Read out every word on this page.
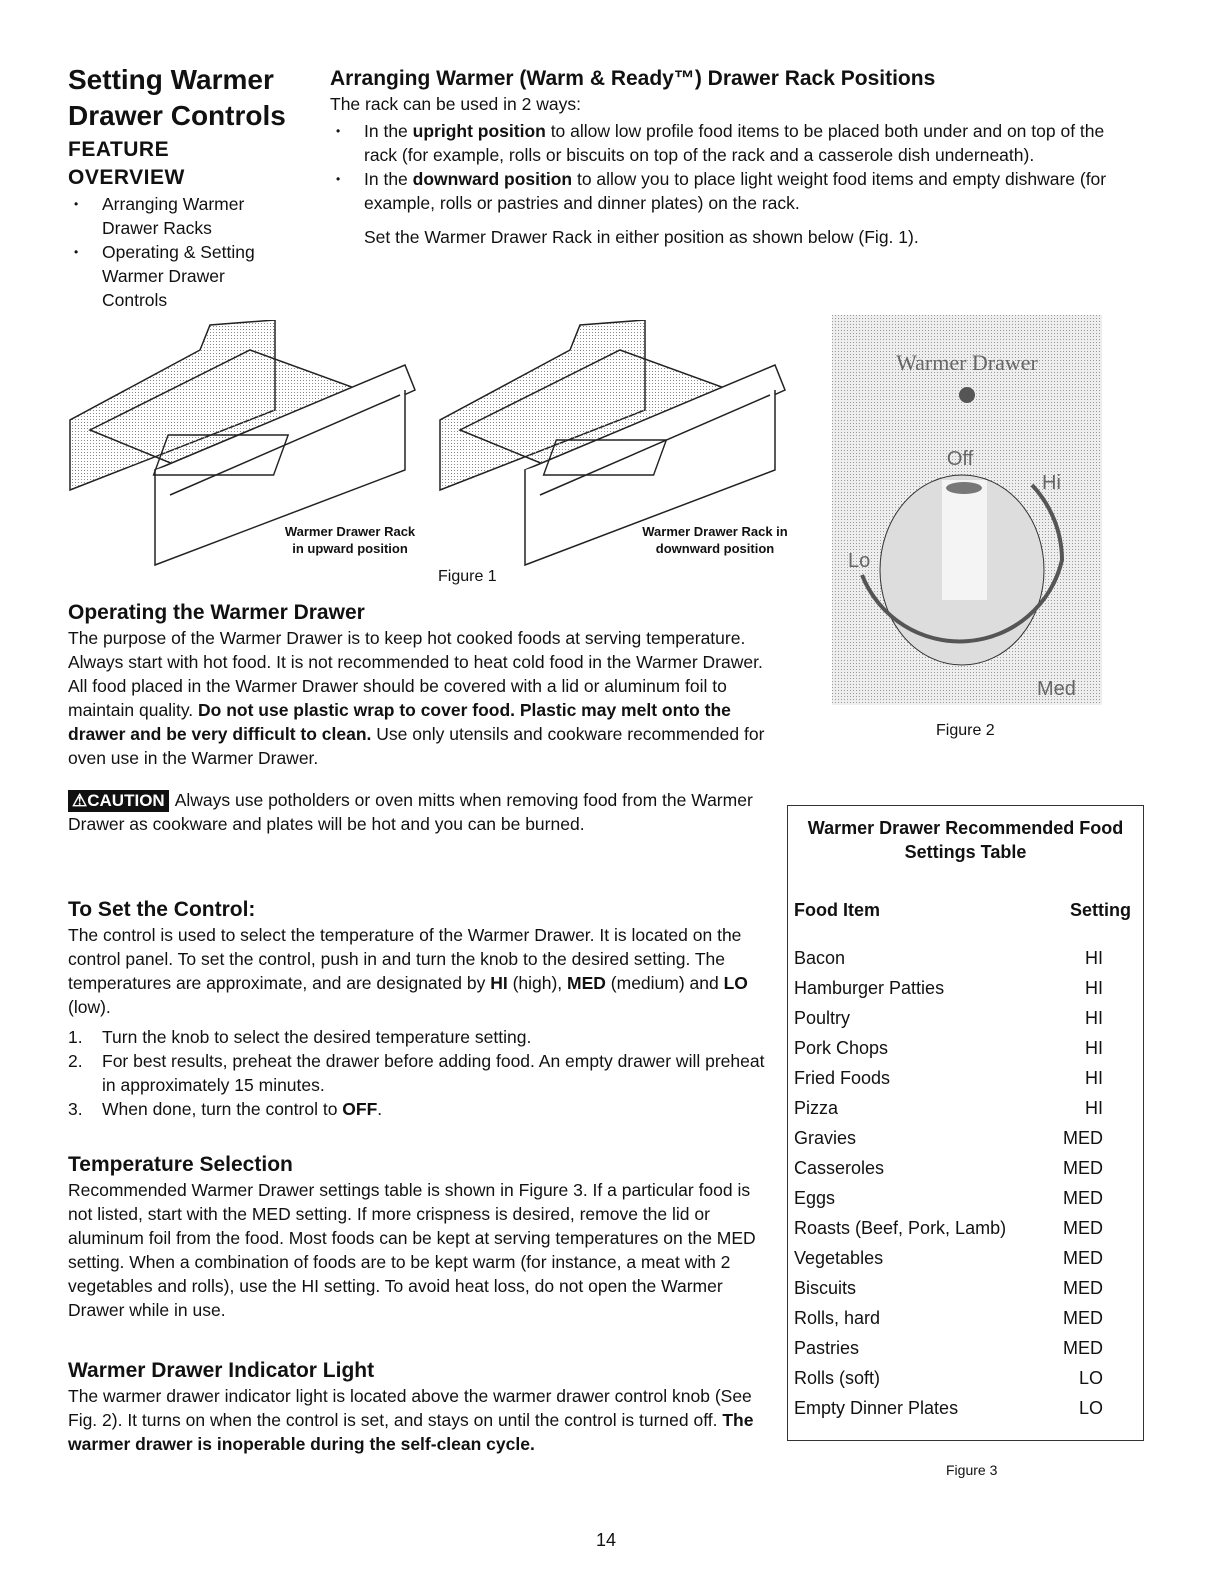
Setting Warmer
Drawer Controls
FEATURE
OVERVIEW
• Arranging Warmer Drawer Racks
• Operating & Setting Warmer Drawer Controls
Arranging Warmer (Warm & Ready™) Drawer Rack Positions
The rack can be used in 2 ways:
• In the upright position to allow low profile food items to be placed both under and on top of the rack (for example, rolls or biscuits on top of the rack and a casserole dish underneath).
• In the downward position to allow you to place light weight food items and empty dishware (for example, rolls or pastries and dinner plates) on the rack.
Set the Warmer Drawer Rack in either position as shown below (Fig. 1).
Warmer Drawer Rack in upward position
Warmer Drawer Rack in downward position
Figure 1
Warmer Drawer
Off
Hi
Lo
Med
Figure 2
Operating the Warmer Drawer
The purpose of the Warmer Drawer is to keep hot cooked foods at serving temperature. Always start with hot food. It is not recommended to heat cold food in the Warmer Drawer. All food placed in the Warmer Drawer should be covered with a lid or aluminum foil to maintain quality. Do not use plastic wrap to cover food. Plastic may melt onto the drawer and be very difficult to clean. Use only utensils and cookware recommended for oven use in the Warmer Drawer.
⚠CAUTION Always use potholders or oven mitts when removing food from the Warmer Drawer as cookware and plates will be hot and you can be burned.
To Set the Control:
The control is used to select the temperature of the Warmer Drawer. It is located on the control panel. To set the control, push in and turn the knob to the desired setting. The temperatures are approximate, and are designated by HI (high), MED (medium) and LO (low).
1. Turn the knob to select the desired temperature setting.
2. For best results, preheat the drawer before adding food. An empty drawer will preheat in approximately 15 minutes.
3. When done, turn the control to OFF.
Temperature Selection
Recommended Warmer Drawer settings table is shown in Figure 3. If a particular food is not listed, start with the MED setting. If more crispness is desired, remove the lid or aluminum foil from the food. Most foods can be kept at serving temperatures on the MED setting. When a combination of foods are to be kept warm (for instance, a meat with 2 vegetables and rolls), use the HI setting. To avoid heat loss, do not open the Warmer Drawer while in use.
Warmer Drawer Indicator Light
The warmer drawer indicator light is located above the warmer drawer control knob (See Fig. 2). It turns on when the control is set, and stays on until the control is turned off. The warmer drawer is inoperable during the self-clean cycle.
Warmer Drawer Recommended Food Settings Table
Food Item	Setting
Bacon	HI
Hamburger Patties	HI
Poultry	HI
Pork Chops	HI
Fried Foods	HI
Pizza	HI
Gravies	MED
Casseroles	MED
Eggs	MED
Roasts (Beef, Pork, Lamb)	MED
Vegetables	MED
Biscuits	MED
Rolls, hard	MED
Pastries	MED
Rolls (soft)	LO
Empty Dinner Plates	LO
Figure 3
14
